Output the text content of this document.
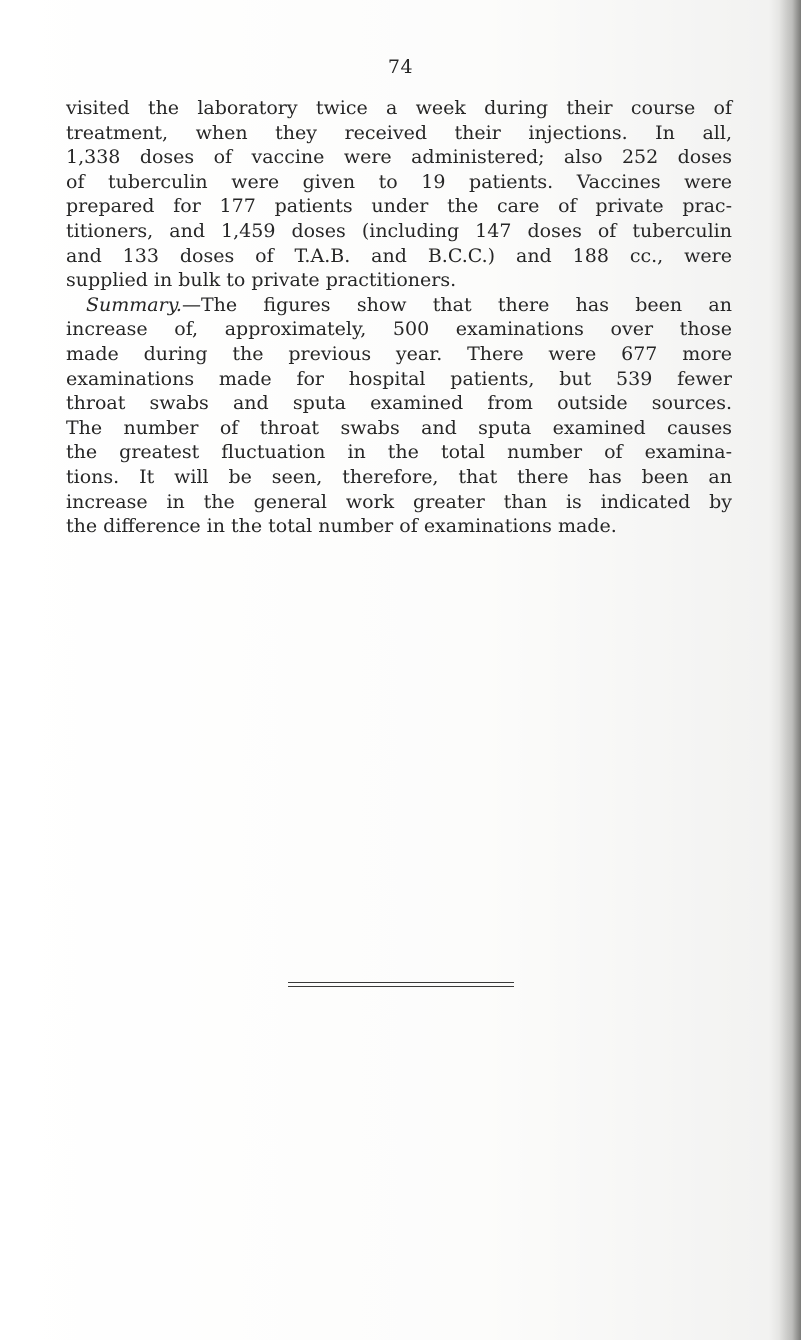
74
visited the laboratory twice a week during their course of
treatment, when they received their injections. In all,
1,338 doses of vaccine were administered; also 252 doses
of tuberculin were given to 19 patients. Vaccines were
prepared for 177 patients under the care of private prac-
titioners, and 1,459 doses (including 147 doses of tuberculin
and 133 doses of T.A.B. and B.C.C.) and 188 cc., were
supplied in bulk to private practitioners.
Summary.—The figures show that there has been an
increase of, approximately, 500 examinations over those
made during the previous year. There were 677 more
examinations made for hospital patients, but 539 fewer
throat swabs and sputa examined from outside sources.
The number of throat swabs and sputa examined causes
the greatest fluctuation in the total number of examina-
tions. It will be seen, therefore, that there has been an
increase in the general work greater than is indicated by
the difference in the total number of examinations made.
